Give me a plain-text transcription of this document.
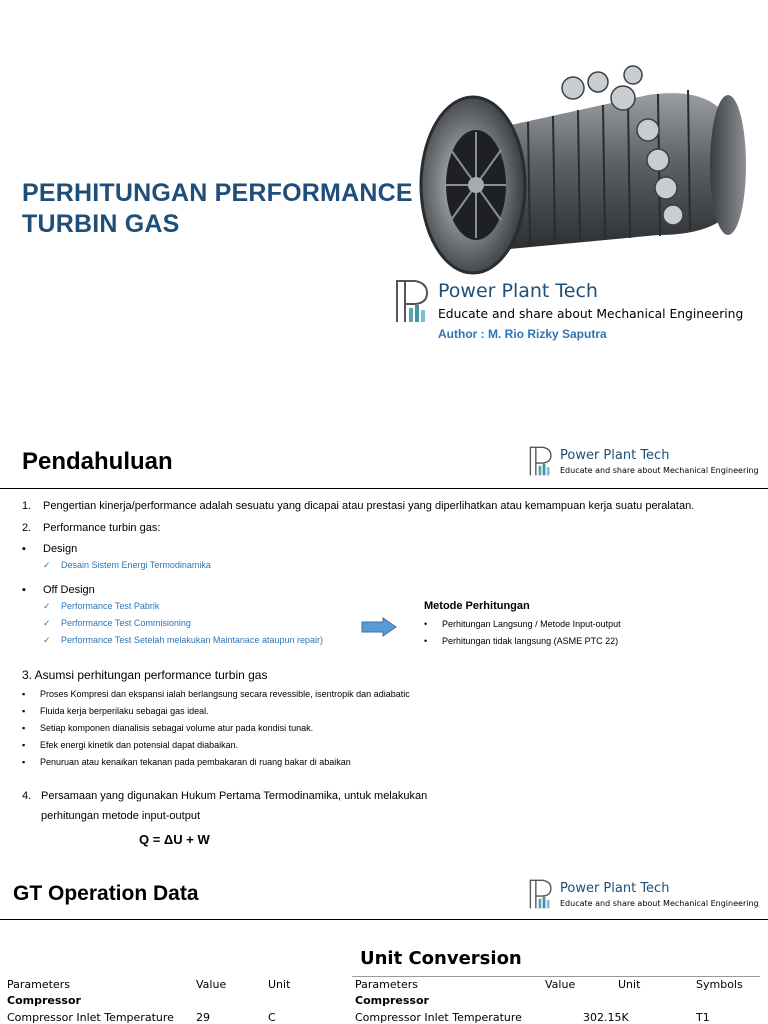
PERHITUNGAN PERFORMANCE
TURBIN GAS
Power Plant Tech
Educate and share about Mechanical Engineering
Author : M. Rio Rizky Saputra
Pendahuluan	Power Plant Tech
Educate and share about Mechanical Engineering
1. Pengertian kinerja/performance adalah sesuatu yang dicapai atau prestasi yang diperlihatkan atau kemampuan kerja suatu peralatan.
2. Performance turbin gas:
▪ Design
✓ Desain Sistem Energi Termodinamika
▪ Off Design
✓ Performance Test Pabrik
✓ Performance Test Commisioning
✓ Performance Test Setelah melakukan Maintanace ataupun repair)
Metode Perhitungan
• Perhitungan Langsung / Metode Input-output
• Perhitungan tidak langsung (ASME PTC 22)
3. Asumsi perhitungan performance turbin gas
▪ Proses Kompresi dan ekspansi ialah berlangsung secara revessible, isentropik dan adiabatic
▪ Fluida kerja berperilaku sebagai gas ideal.
▪ Setiap komponen dianalisis sebagai volume atur pada kondisi tunak.
▪ Efek energi kinetik dan potensial dapat diabaikan.
▪ Penuruan atau kenaikan tekanan pada pembakaran di ruang bakar di abaikan
4. Persamaan yang digunakan Hukum Pertama Termodinamika, untuk melakukan
perhitungan metode input-output
Q = ΔU + W
GT Operation Data	Power Plant Tech
Educate and share about Mechanical Engineering
Unit Conversion
Parameters	Value	Unit
Compressor
Compressor Inlet Temperature 29	C
Parameters	Value	Unit	Symbols
Compressor
Compressor Inlet Temperature	302.15K	T1
